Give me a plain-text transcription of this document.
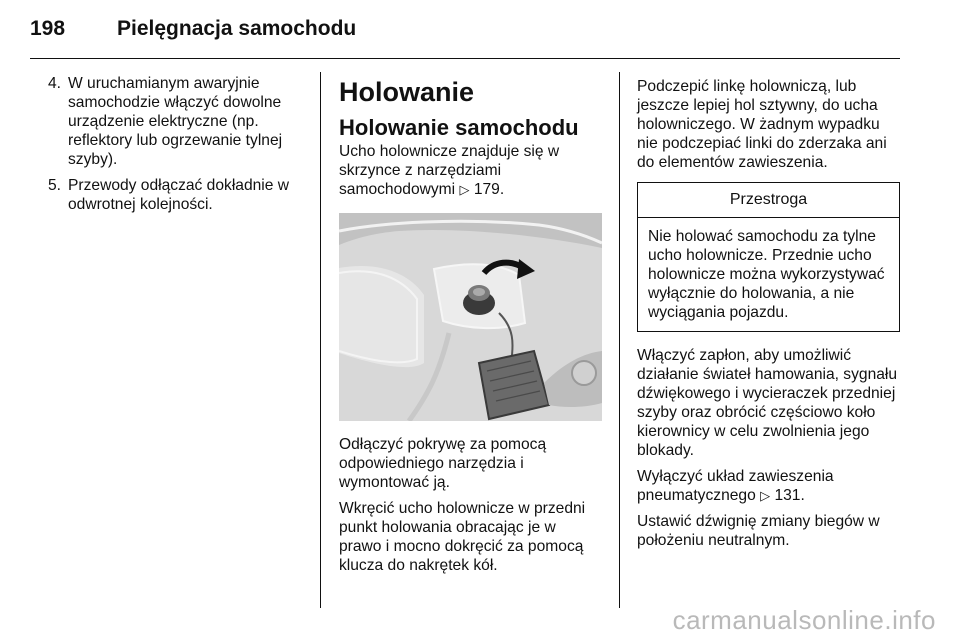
198 Pielęgnacja samochodu
4. W uruchamianym awaryjnie samochodzie włączyć dowolne urządzenie elektryczne (np. reflektory lub ogrzewanie tylnej szyby).
5. Przewody odłączać dokładnie w odwrotnej kolejności.
Holowanie
Holowanie samochodu

Ucho holownicze znajduje się w skrzynce z narzędziami samochodowymi ▷ 179.

Odłączyć pokrywę za pomocą odpowiedniego narzędzia i wymontować ją.

Wkręcić ucho holownicze w przedni punkt holowania obracając je w prawo i mocno dokręcić za pomocą klucza do nakrętek kół.

Podczepić linkę holowniczą, lub jeszcze lepiej hol sztywny, do ucha holowniczego. W żadnym wypadku nie podczepiać linki do zderzaka ani do elementów zawieszenia.

Przestroga
Nie holować samochodu za tylne ucho holownicze. Przednie ucho holownicze można wykorzystywać wyłącznie do holowania, a nie wyciągania pojazdu.

Włączyć zapłon, aby umożliwić działanie świateł hamowania, sygnału dźwiękowego i wycieraczek przedniej szyby oraz obrócić częściowo koło kierownicy w celu zwolnienia jego blokady.

Wyłączyć układ zawieszenia pneumatycznego ▷ 131.

Ustawić dźwignię zmiany biegów w położeniu neutralnym.

carmanualsonline.info
